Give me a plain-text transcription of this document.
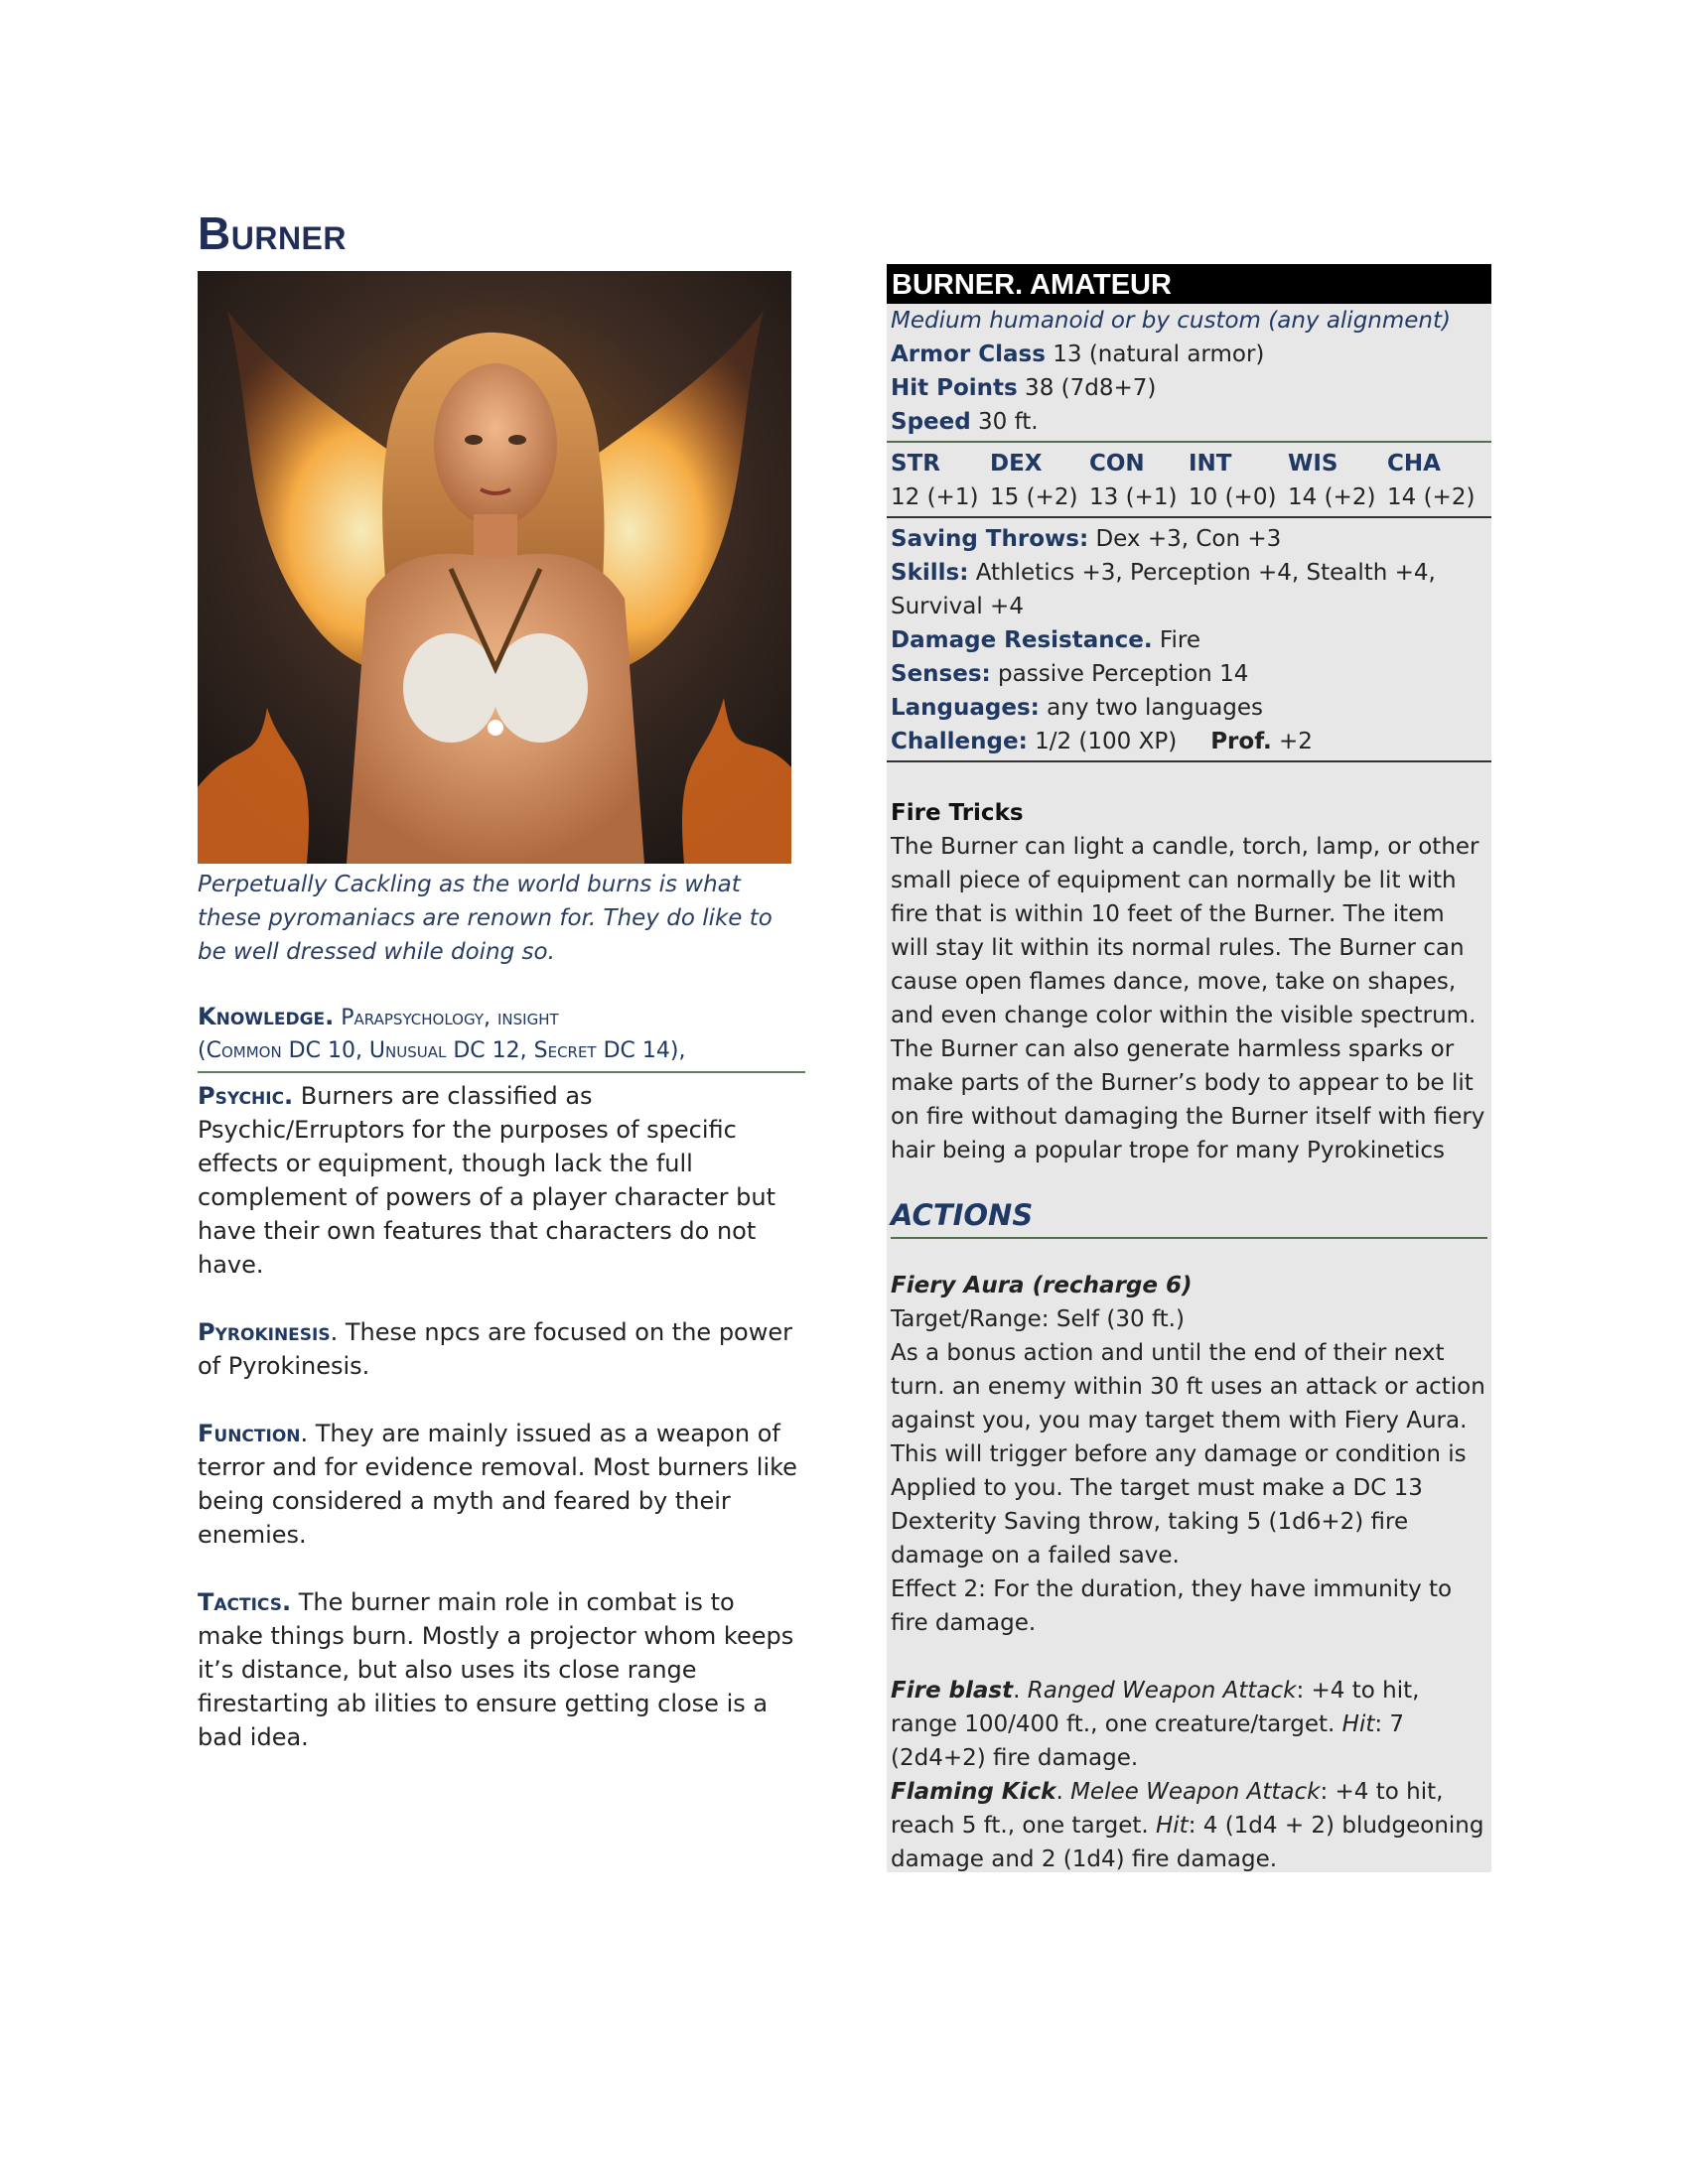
Burner

Perpetually Cackling as the world burns is what these pyromaniacs are renown for. They do like to be well dressed while doing so.

Knowledge. Parapsychology, insight
(Common DC 10, Unusual DC 12, Secret DC 14),

Psychic. Burners are classified as Psychic/Erruptors for the purposes of specific effects or equipment, though lack the full complement of powers of a player character but have their own features that characters do not have.

Pyrokinesis. These npcs are focused on the power of Pyrokinesis.

Function. They are mainly issued as a weapon of terror and for evidence removal. Most burners like being considered a myth and feared by their enemies.

Tactics. The burner main role in combat is to make things burn. Mostly a projector whom keeps it’s distance, but also uses its close range firestarting ab ilities to ensure getting close is a bad idea.

BURNER. AMATEUR

Medium humanoid or by custom (any alignment)

Armor Class 13 (natural armor)

Hit Points 38 (7d8+7)

Speed 30 ft.

STR	DEX	CON	INT	WIS	CHA
12 (+1) 15 (+2) 13 (+1) 10 (+0) 14 (+2) 14 (+2)

Saving Throws: Dex +3, Con +3

Skills: Athletics +3, Perception +4, Stealth +4, Survival +4

Damage Resistance. Fire

Senses: passive Perception 14

Languages: any two languages

Challenge: 1/2 (100 XP) Prof. +2

Fire Tricks

The Burner can light a candle, torch, lamp, or other small piece of equipment can normally be lit with fire that is within 10 feet of the Burner. The item will stay lit within its normal rules. The Burner can cause open flames dance, move, take on shapes, and even change color within the visible spectrum. The Burner can also generate harmless sparks or make parts of the Burner’s body to appear to be lit on fire without damaging the Burner itself with fiery hair being a popular trope for many Pyrokinetics

ACTIONS

Fiery Aura (recharge 6)

Target/Range: Self (30 ft.)

As a bonus action and until the end of their next turn. an enemy within 30 ft uses an attack or action against you, you may target them with Fiery Aura. This will trigger before any damage or condition is Applied to you. The target must make a DC 13 Dexterity Saving throw, taking 5 (1d6+2) fire damage on a failed save.

Effect 2: For the duration, they have immunity to fire damage.

Fire blast. Ranged Weapon Attack: +4 to hit, range 100/400 ft., one creature/target. Hit: 7 (2d4+2) fire damage.

Flaming Kick. Melee Weapon Attack: +4 to hit, reach 5 ft., one target. Hit: 4 (1d4 + 2) bludgeoning damage and 2 (1d4) fire damage.
